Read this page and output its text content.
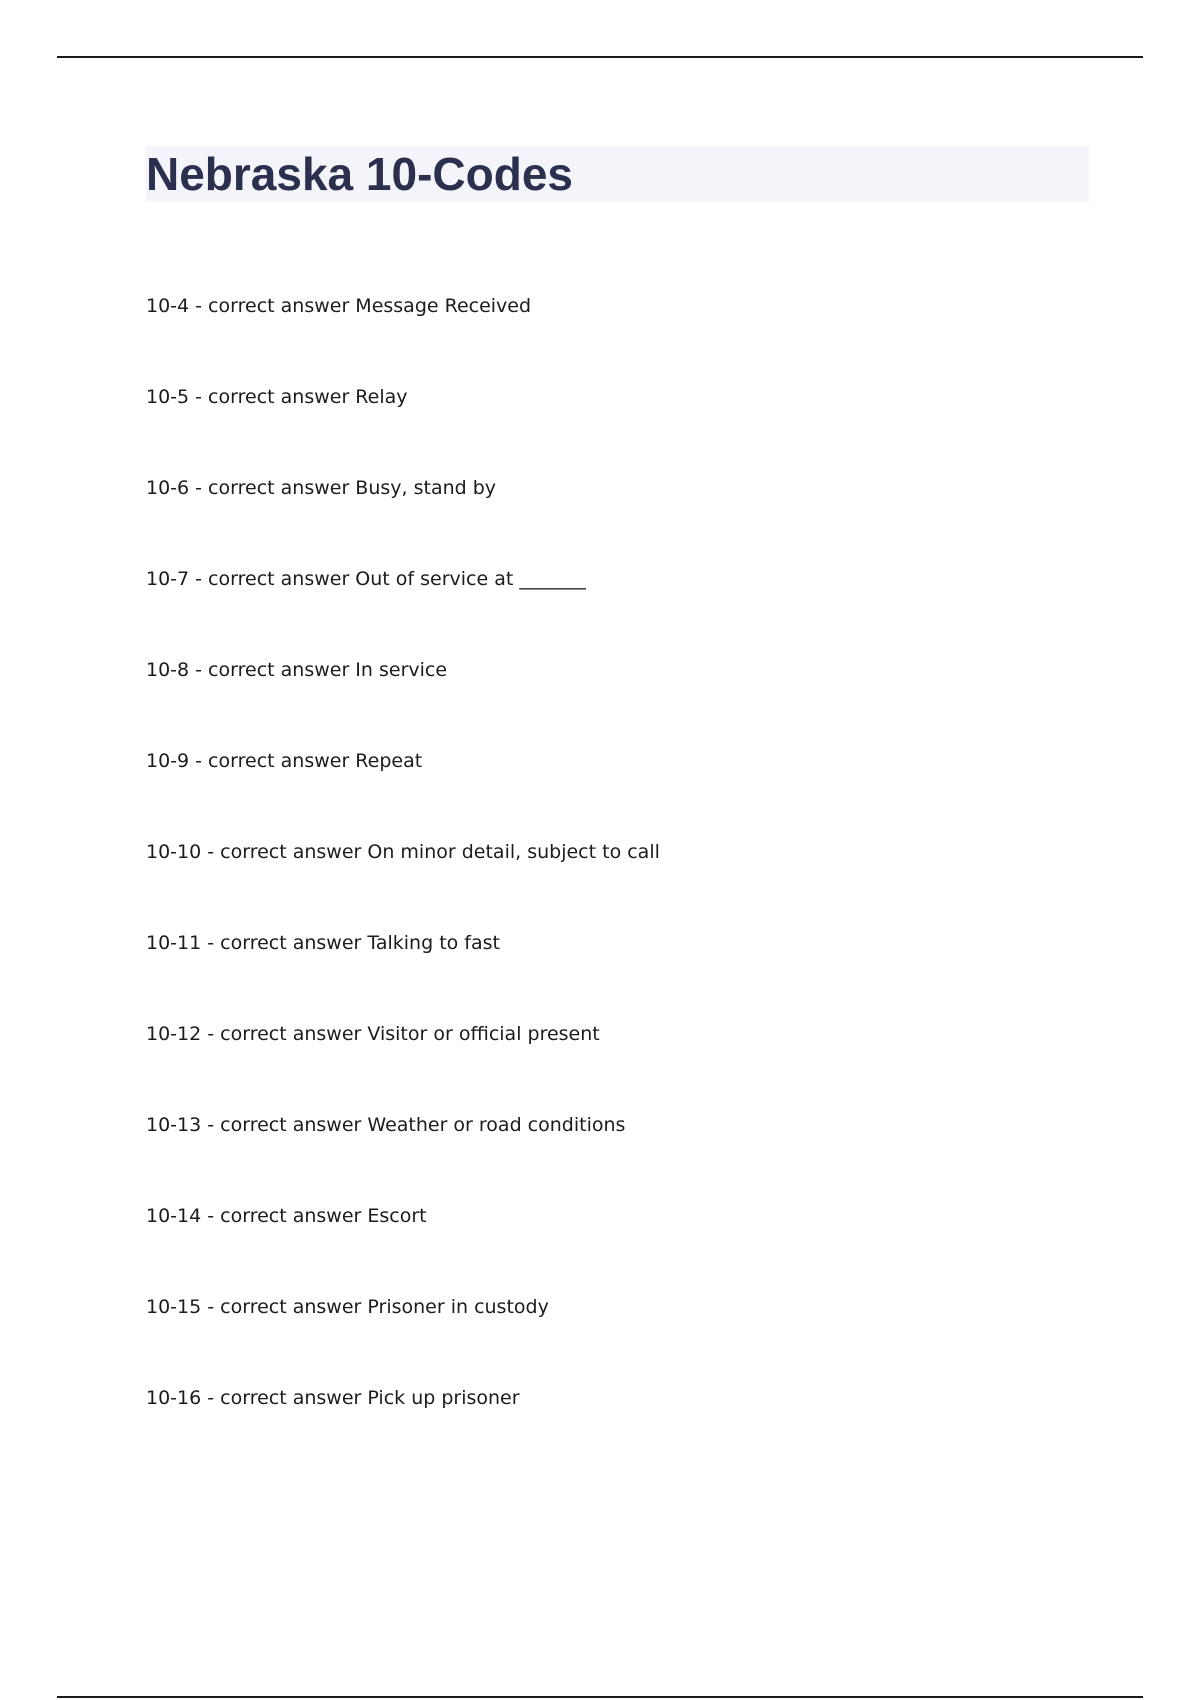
Nebraska 10-Codes
10-4 - correct answer Message Received
10-5 - correct answer Relay
10-6 - correct answer Busy, stand by
10-7 - correct answer Out of service at _______
10-8 - correct answer In service
10-9 - correct answer Repeat
10-10 - correct answer On minor detail, subject to call
10-11 - correct answer Talking to fast
10-12 - correct answer Visitor or official present
10-13 - correct answer Weather or road conditions
10-14 - correct answer Escort
10-15 - correct answer Prisoner in custody
10-16 - correct answer Pick up prisoner
